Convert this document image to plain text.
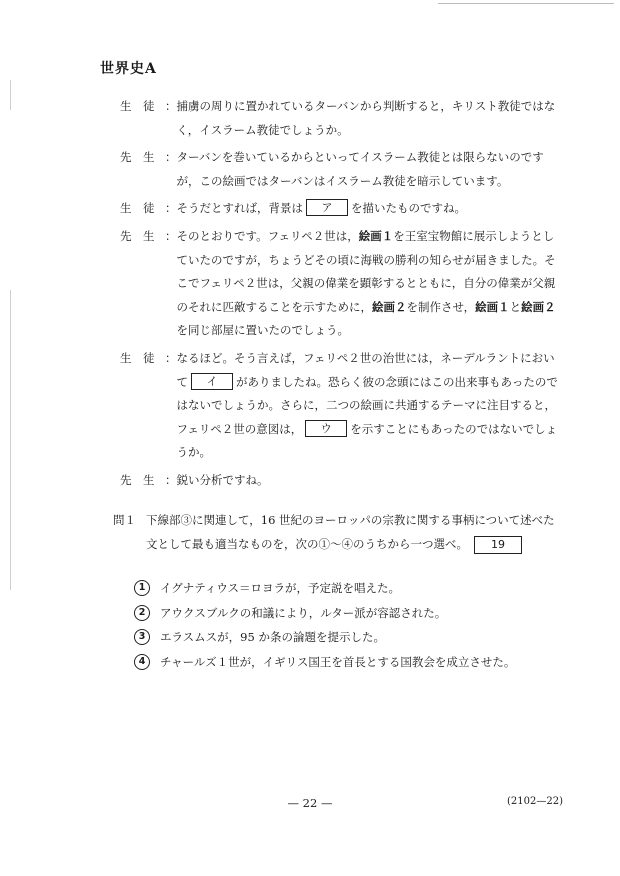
世界史A
生　徒 ： 捕虜の周りに置かれているターバンから判断すると，キリスト教徒ではなく，イスラーム教徒でしょうか。
先　生 ： ターバンを巻いているからといってイスラーム教徒とは限らないのですが，この絵画ではターバンはイスラーム教徒を暗示しています。
生　徒 ： そうだとすれば，背景は ア を描いたものですね。
先　生 ： そのとおりです。フェリペ２世は，絵画１を王室宝物館に展示しようとしていたのですが，ちょうどその頃に海戦の勝利の知らせが届きました。そこでフェリペ２世は，父親の偉業を顕彰するとともに，自分の偉業が父親のそれに匹敵することを示すために，絵画２を制作させ，絵画１と絵画２を同じ部屋に置いたのでしょう。
生　徒 ： なるほど。そう言えば，フェリペ２世の治世には，ネーデルラントにおいて イ がありましたね。恐らく彼の念頭にはこの出来事もあったのではないでしょうか。さらに，二つの絵画に共通するテーマに注目すると，フェリペ２世の意図は， ウ を示すことにもあったのではないでしょうか。
先　生 ： 鋭い分析ですね。
問１ 下線部③に関連して，16 世紀のヨーロッパの宗教に関する事柄について述べた文として最も適当なものを，次の①～④のうちから一つ選べ。 19
1	イグナティウス＝ロヨラが，予定説を唱えた。
2	アウクスブルクの和議により，ルター派が容認された。
3	エラスムスが，95 か条の論題を提示した。
4	チャールズ１世が，イギリス国王を首長とする国教会を成立させた。
— 22 —	(2102—22)
